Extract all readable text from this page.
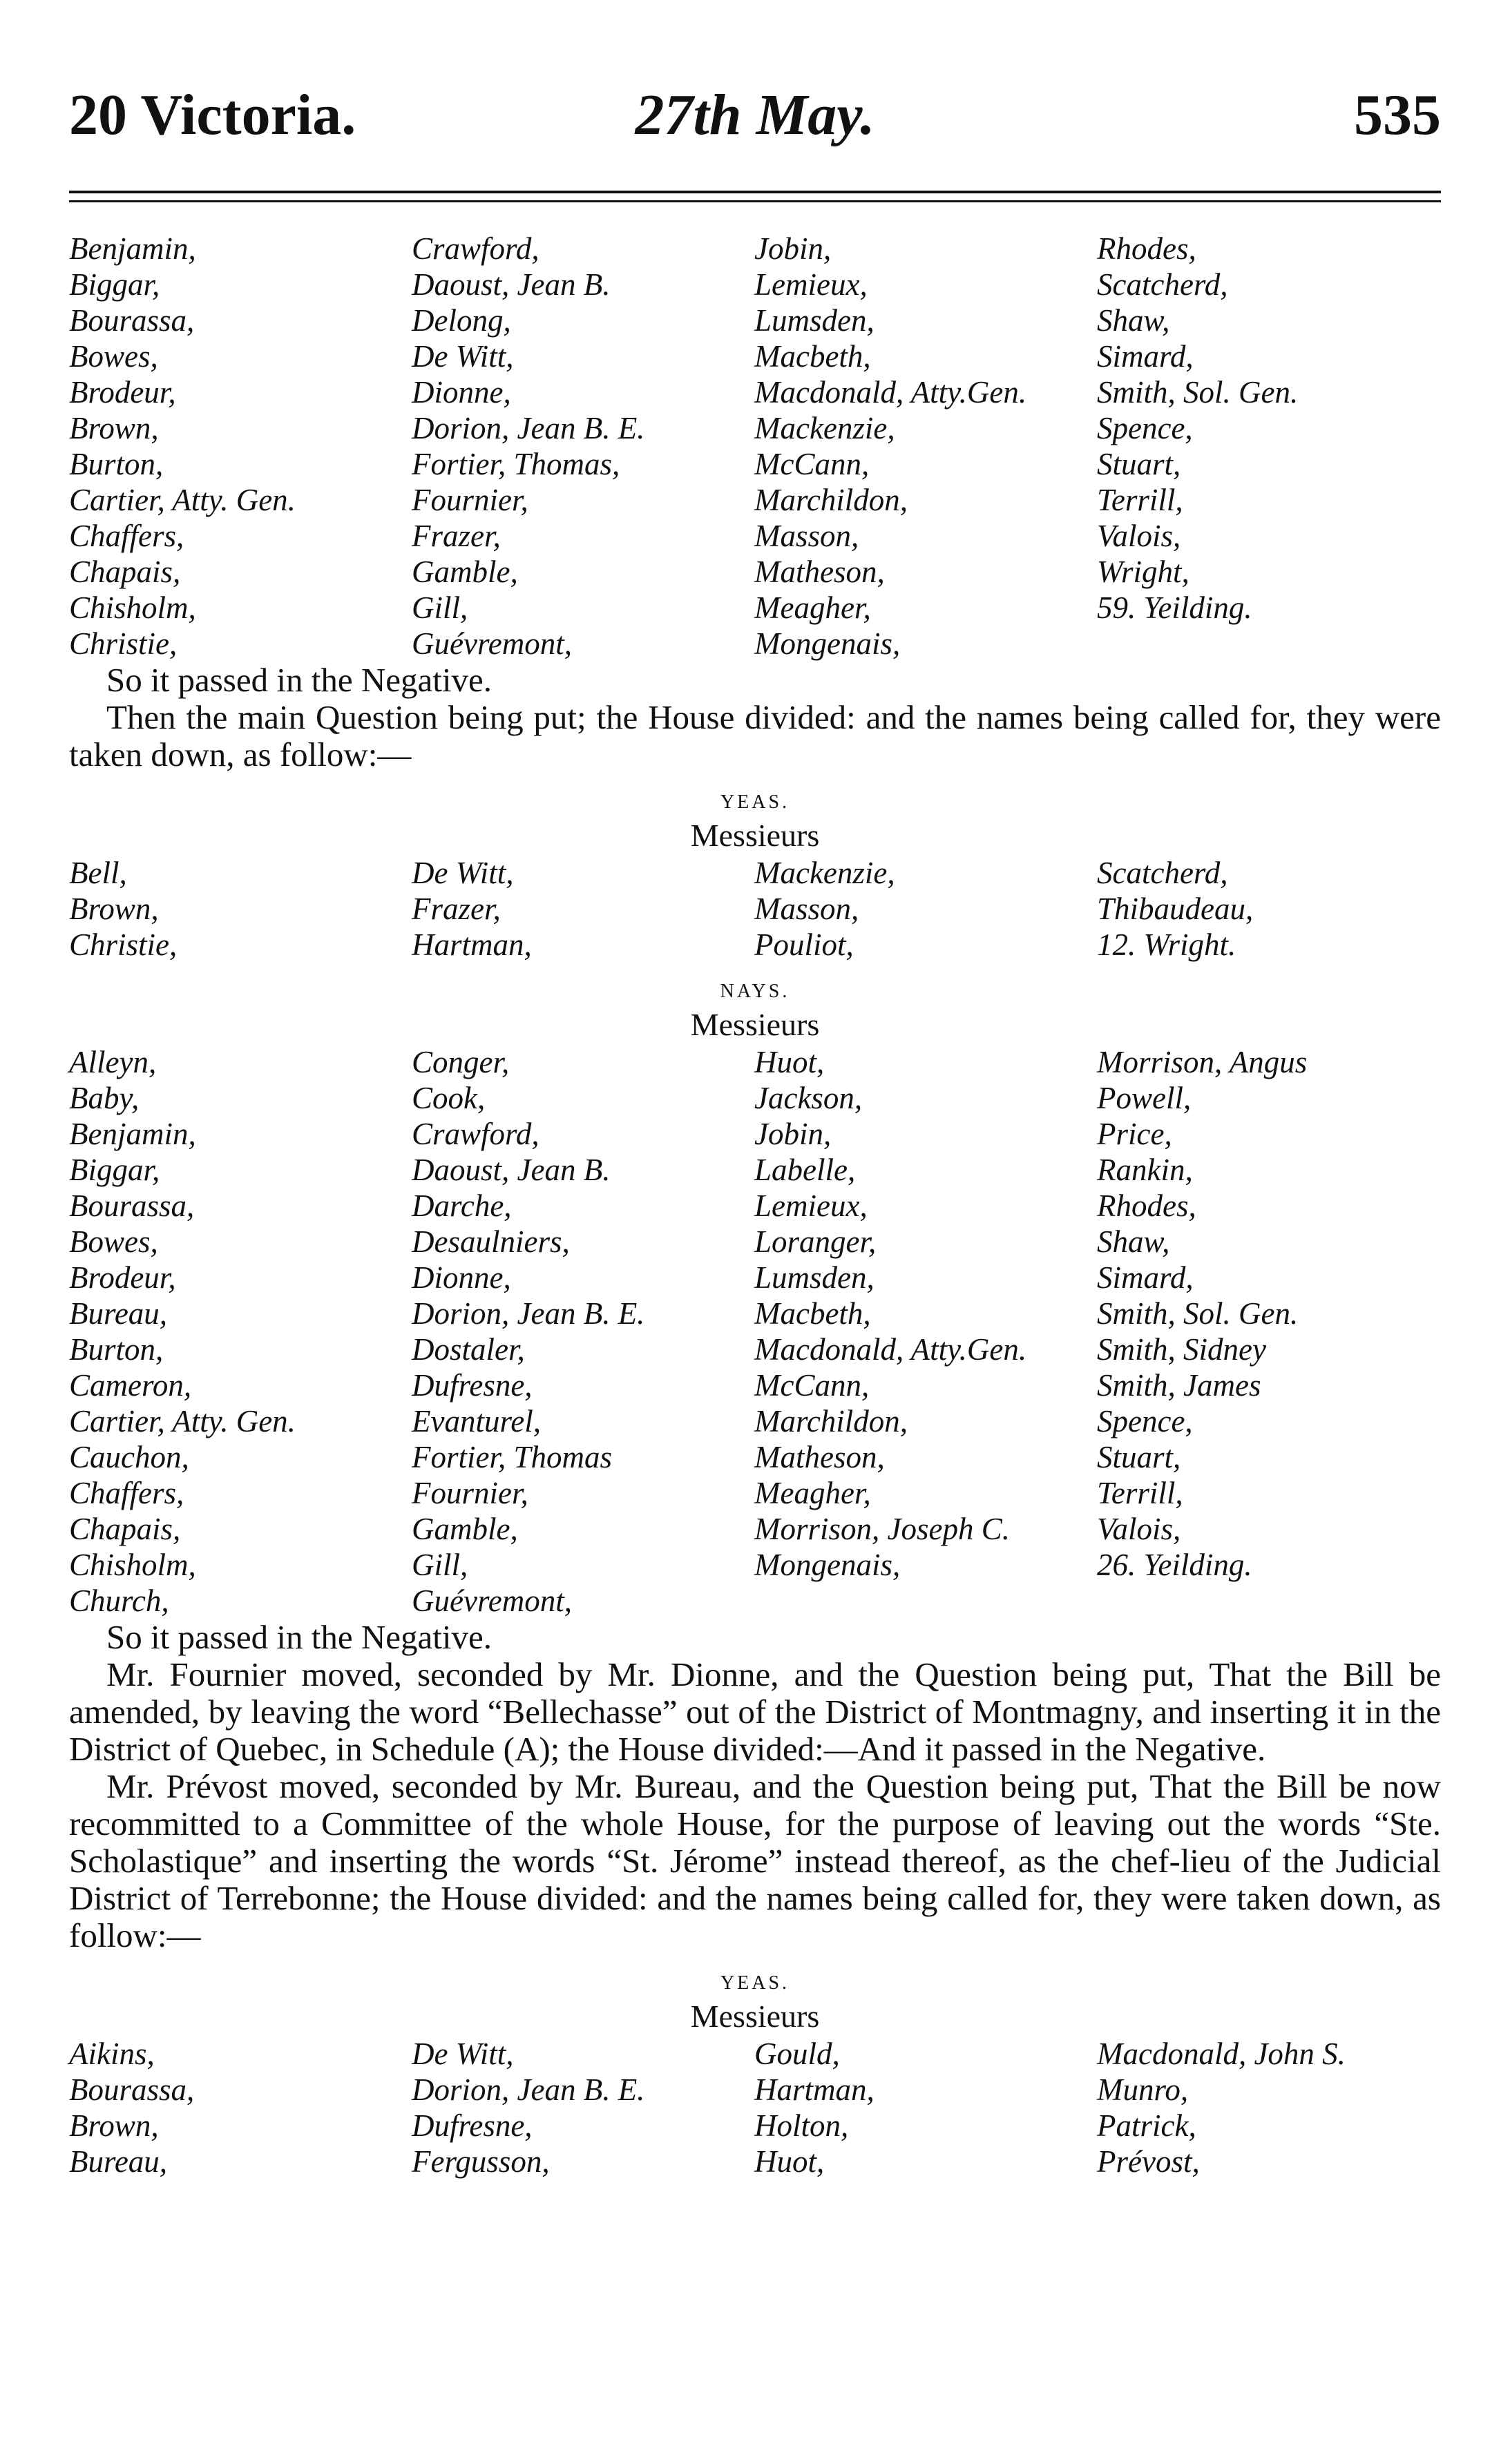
20 Victoria.	27th May.	535
Benjamin,	Crawford,	Jobin,	Rhodes,
Biggar,	Daoust, Jean B.	Lemieux,	Scatcherd,
Bourassa,	Delong,	Lumsden,	Shaw,
Bowes,	De Witt,	Macbeth,	Simard,
Brodeur,	Dionne,	Macdonald, Atty.Gen.	Smith, Sol. Gen.
Brown,	Dorion, Jean B. E.	Mackenzie,	Spence,
Burton,	Fortier, Thomas,	McCann,	Stuart,
Cartier, Atty. Gen.	Fournier,	Marchildon,	Terrill,
Chaffers,	Frazer,	Masson,	Valois,
Chapais,	Gamble,	Matheson,	Wright,
Chisholm,	Gill,	Meagher,	59. Yeilding.
Christie,	Guévremont,	Mongenais,
So it passed in the Negative.
Then the main Question being put; the House divided: and the names being called for, they were taken down, as follow:—
YEAS.
Messieurs
Bell,	De Witt,	Mackenzie,	Scatcherd,
Brown,	Frazer,	Masson,	Thibaudeau,
Christie,	Hartman,	Pouliot,	12. Wright.
NAYS.
Messieurs
Alleyn,	Conger,	Huot,	Morrison, Angus
Baby,	Cook,	Jackson,	Powell,
Benjamin,	Crawford,	Jobin,	Price,
Biggar,	Daoust, Jean B.	Labelle,	Rankin,
Bourassa,	Darche,	Lemieux,	Rhodes,
Bowes,	Desaulniers,	Loranger,	Shaw,
Brodeur,	Dionne,	Lumsden,	Simard,
Bureau,	Dorion, Jean B. E.	Macbeth,	Smith, Sol. Gen.
Burton,	Dostaler,	Macdonald, Atty.Gen.	Smith, Sidney
Cameron,	Dufresne,	McCann,	Smith, James
Cartier, Atty. Gen.	Evanturel,	Marchildon,	Spence,
Cauchon,	Fortier, Thomas	Matheson,	Stuart,
Chaffers,	Fournier,	Meagher,	Terrill,
Chapais,	Gamble,	Morrison, Joseph C.	Valois,
Chisholm,	Gill,	Mongenais,	26. Yeilding.
Church,	Guévremont,
So it passed in the Negative.
Mr. Fournier moved, seconded by Mr. Dionne, and the Question being put, That the Bill be amended, by leaving the word “Bellechasse” out of the District of Montmagny, and inserting it in the District of Quebec, in Schedule (A); the House divided:—And it passed in the Negative.
Mr. Prévost moved, seconded by Mr. Bureau, and the Question being put, That the Bill be now recommitted to a Committee of the whole House, for the purpose of leaving out the words “Ste. Scholastique” and inserting the words “St. Jérome” instead thereof, as the chef-lieu of the Judicial District of Terrebonne; the House divided: and the names being called for, they were taken down, as follow:—
YEAS.
Messieurs
Aikins,	De Witt,	Gould,	Macdonald, John S.
Bourassa,	Dorion, Jean B. E.	Hartman,	Munro,
Brown,	Dufresne,	Holton,	Patrick,
Bureau,	Fergusson,	Huot,	Prévost,
